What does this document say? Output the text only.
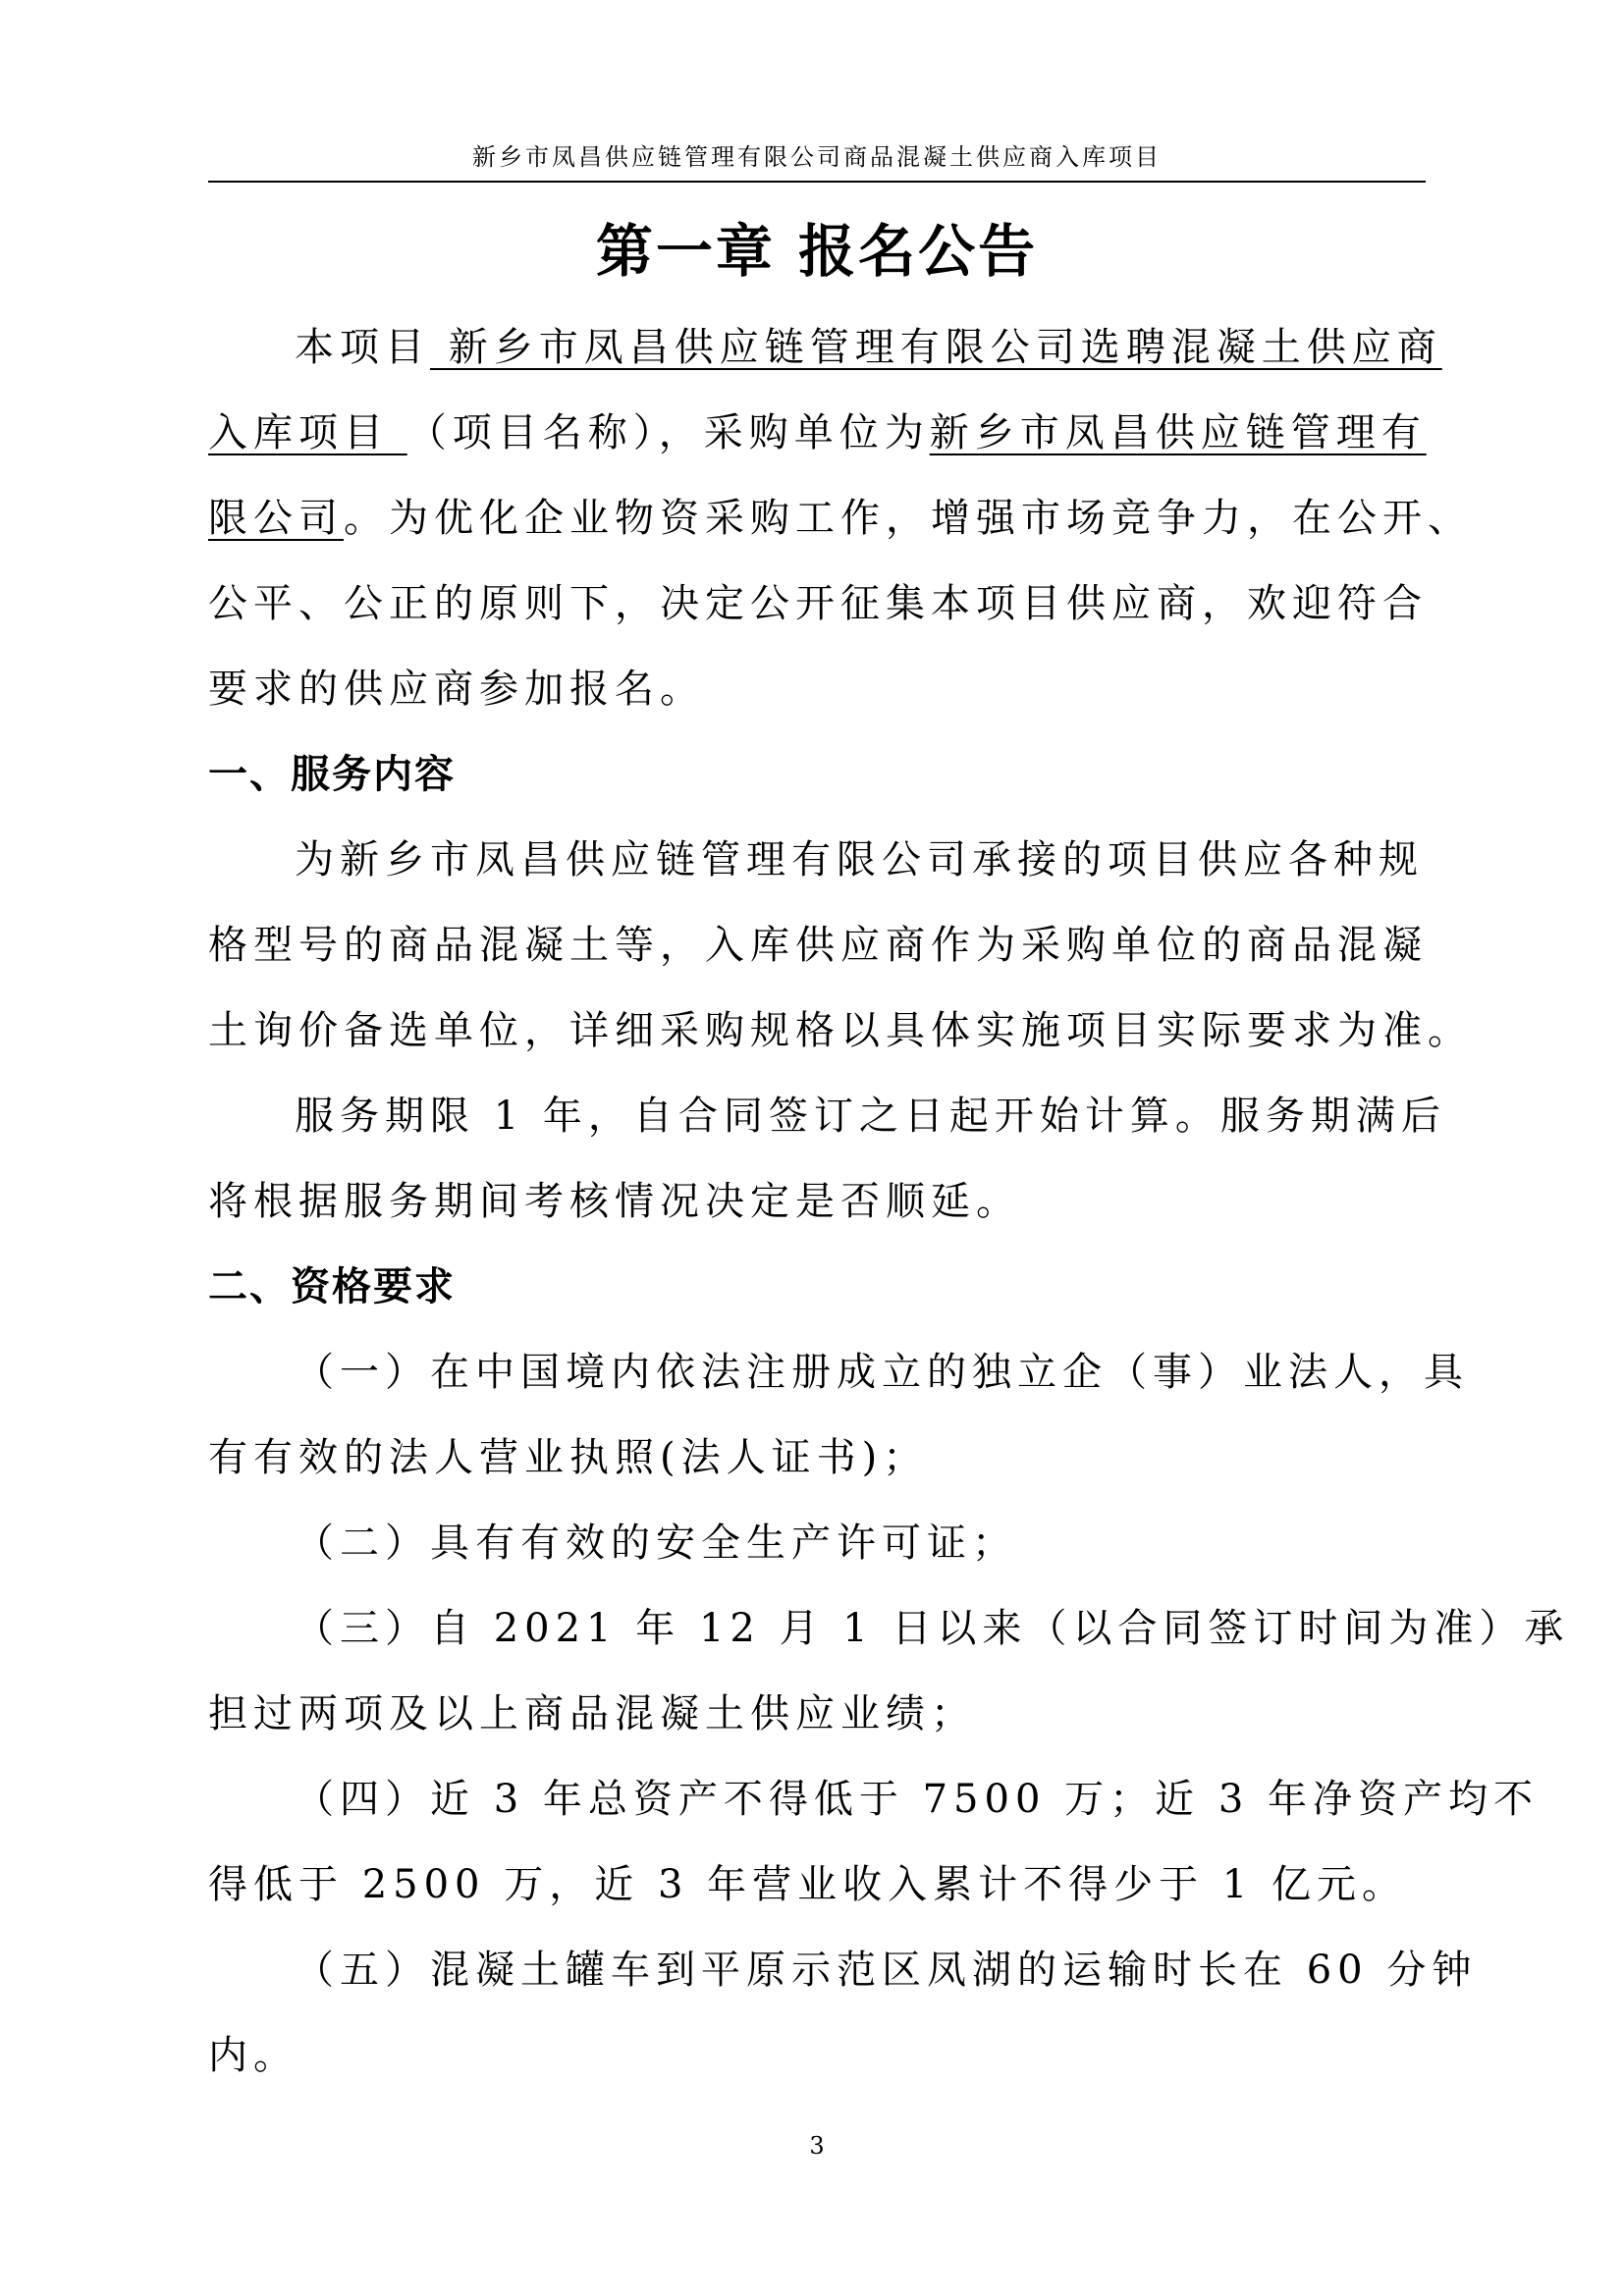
新乡市凤昌供应链管理有限公司商品混凝土供应商入库项目
第一章 报名公告
本项目 新乡市凤昌供应链管理有限公司选聘混凝土供应商
入库项目 （项目名称），采购单位为新乡市凤昌供应链管理有
限公司。为优化企业物资采购工作，增强市场竞争力，在公开、
公平、公正的原则下，决定公开征集本项目供应商，欢迎符合
要求的供应商参加报名。
一、服务内容
为新乡市凤昌供应链管理有限公司承接的项目供应各种规
格型号的商品混凝土等，入库供应商作为采购单位的商品混凝
土询价备选单位，详细采购规格以具体实施项目实际要求为准。
服务期限 1 年，自合同签订之日起开始计算。服务期满后
将根据服务期间考核情况决定是否顺延。
二、资格要求
（一）在中国境内依法注册成立的独立企（事）业法人，具
有有效的法人营业执照(法人证书)；
（二）具有有效的安全生产许可证；
（三）自 2021 年 12 月 1 日以来（以合同签订时间为准）承
担过两项及以上商品混凝土供应业绩；
（四）近 3 年总资产不得低于 7500 万；近 3 年净资产均不
得低于 2500 万，近 3 年营业收入累计不得少于 1 亿元。
（五）混凝土罐车到平原示范区凤湖的运输时长在 60 分钟
内。
3
